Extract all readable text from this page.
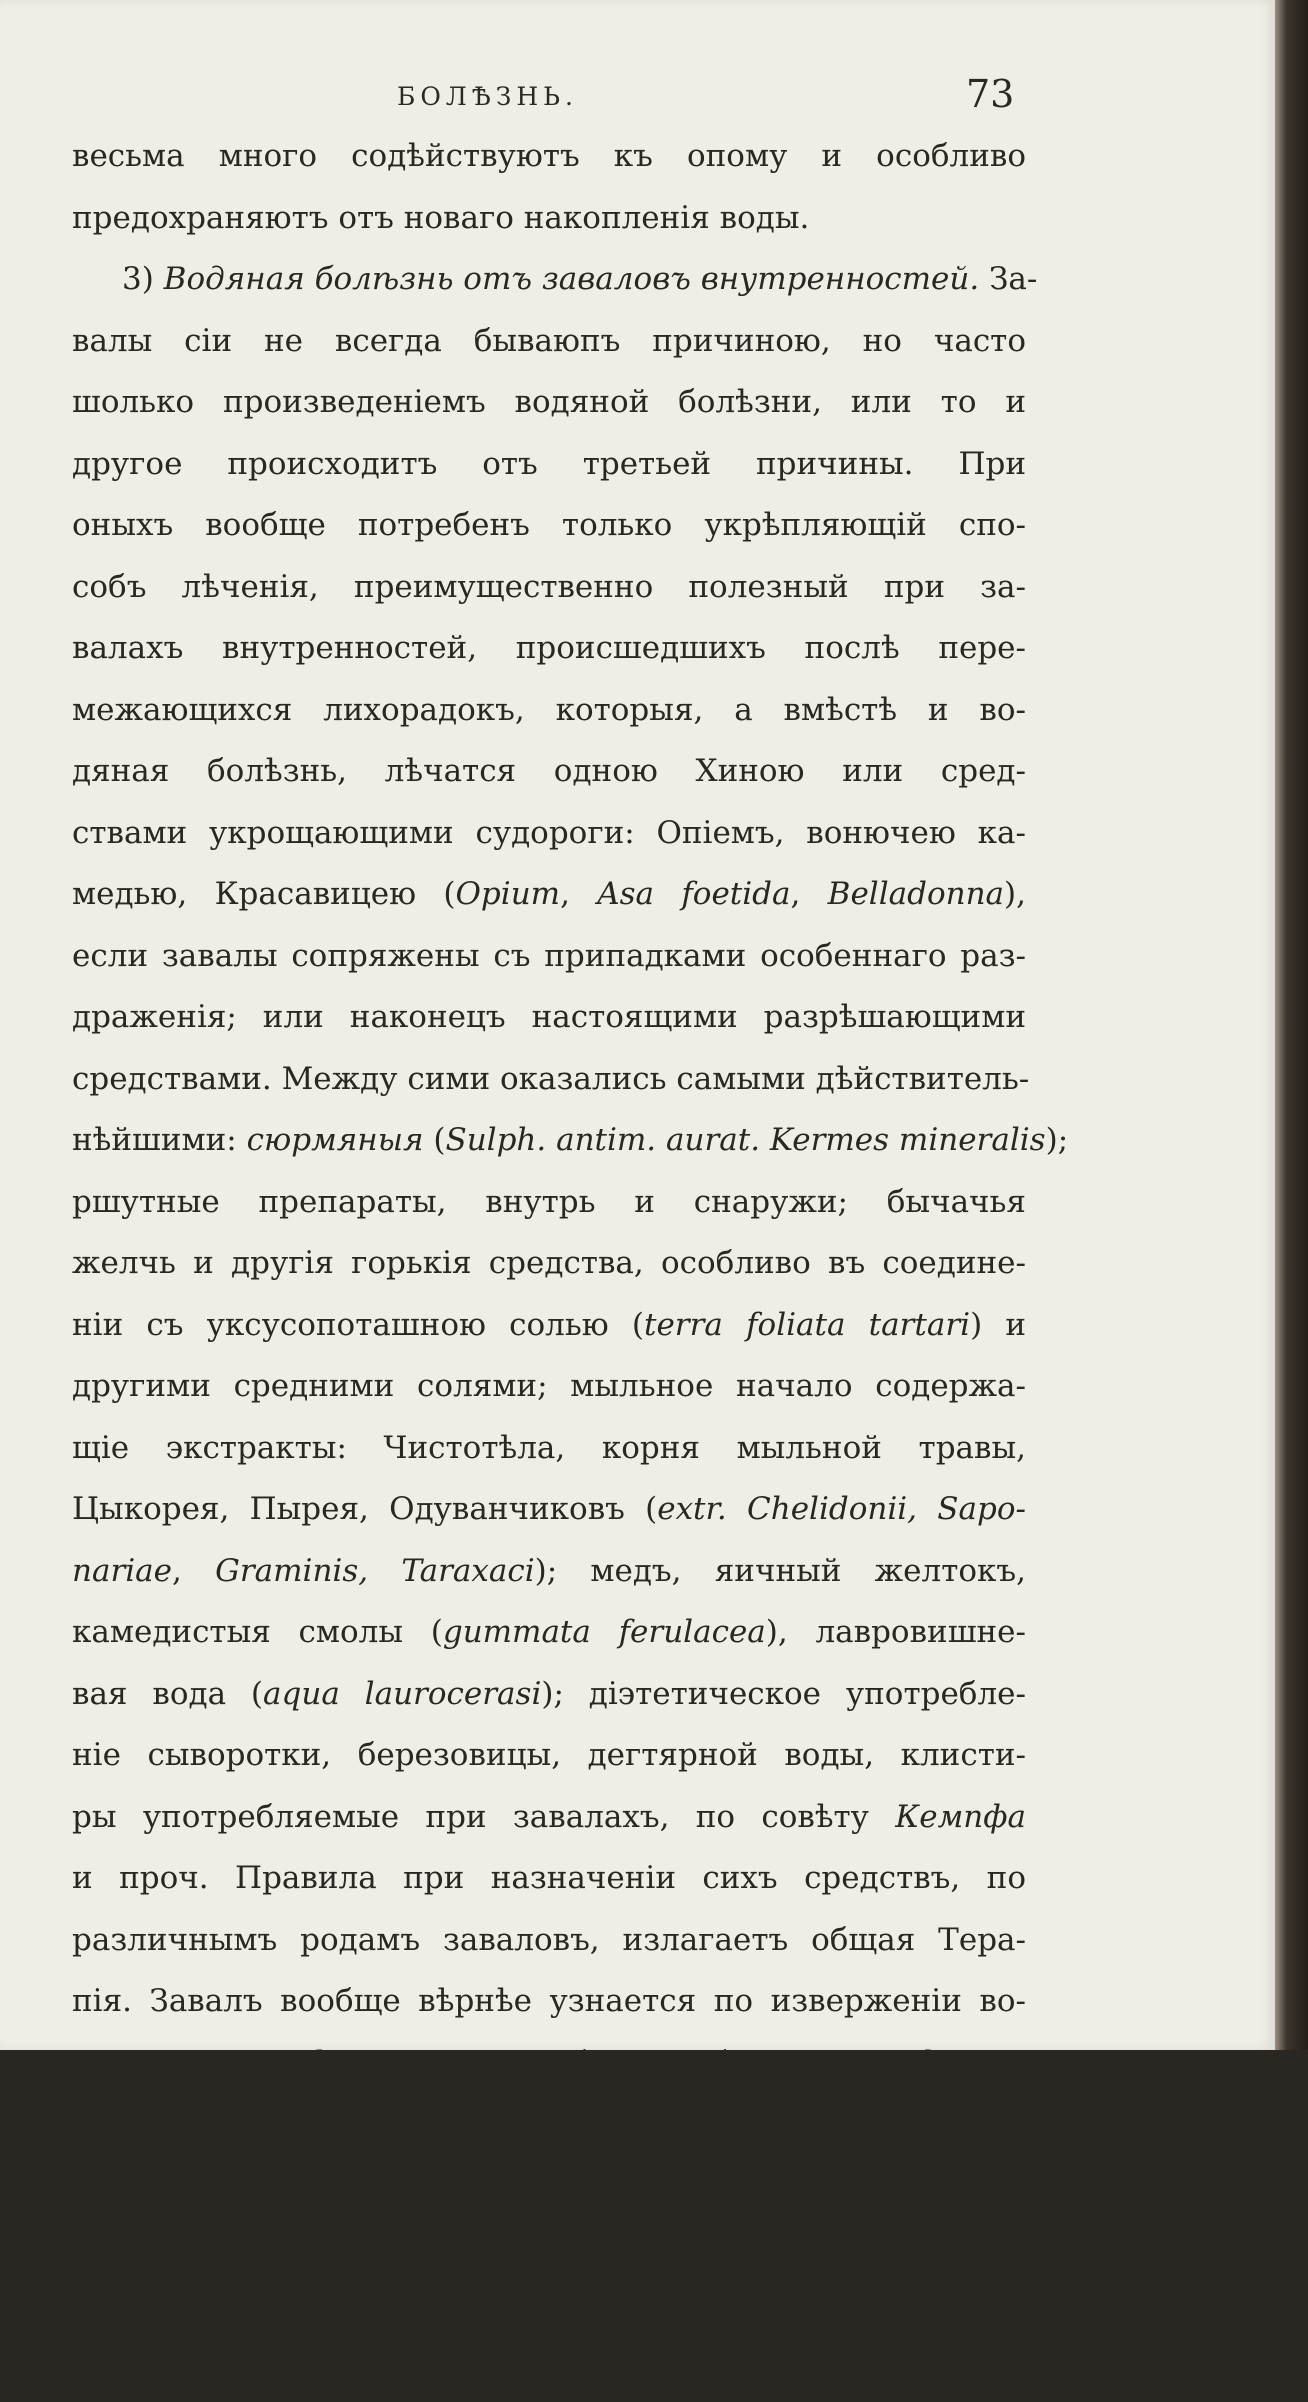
БОЛѢЗНЬ.	73
весьма много содѣйствуютъ къ опому и особливо
предохраняютъ отъ новаго накопленія воды.
3) Водяная болѣзнь отъ заваловъ внутренностей. За-
валы сіи не всегда бываюпъ причиною, но часто
шолько произведеніемъ водяной болѣзни, или то и
другое происходитъ отъ третьей причины. При
оныхъ вообще потребенъ только укрѣпляющій спо-
собъ лѣченія, преимущественно полезный при за-
валахъ внутренностей, происшедшихъ послѣ пере-
межающихся лихорадокъ, которыя, а вмѣстѣ и во-
дяная болѣзнь, лѣчатся одною Хиною или сред-
ствами укрощающими судороги: Опіемъ, вонючею ка-
медью, Красавицею (Opium, Asa foetida, Belladonna),
если завалы сопряжены съ припадками особеннаго раз-
драженія; или наконецъ настоящими разрѣшающими
средствами. Между сими оказались самыми дѣйствитель-
нѣйшими: сюрмяныя (Sulph. antim. aurat. Kermes mineralis);
ршутные препараты, внутрь и снаружи; бычачья
желчь и другія горькія средства, особливо въ соедине-
ніи съ уксусопоташною солью (terra foliata tartari) и
другими средними солями; мыльное начало содержа-
щіе экстракты: Чистотѣла, корня мыльной травы,
Цыкорея, Пырея, Одуванчиковъ (extr. Chelidonii, Sapo-
nariae, Graminis, Taraxaci); медъ, яичный желтокъ,
камедистыя смолы (gummata ferulacea), лавровишне-
вая вода (aqua laurocerasi); діэтетическое употребле-
ніе сыворотки, березовицы, дегтярной воды, клисти-
ры употребляемые при завалахъ, по совѣту Кемпфа
и проч. Правила при назначеніи сихъ средствъ, по
различнымъ родамъ заваловъ, излагаетъ общая Тера-
пія. Завалъ вообще вѣрнѣе узнается по изверженіи во-
ды. Если послѣ операціи прободенія брюха, примѣчает-
ся отвердѣніе печени или селезенки, тогда должно
употреблять разрѣшающія средства, для предохране-
нія отъ новаго накопленія воды. Если завалы и пре-
жде уже открываются или предполагаются, въ та-
комъ случаѣ, для извлеченія воды, разрѣшающія сое-
